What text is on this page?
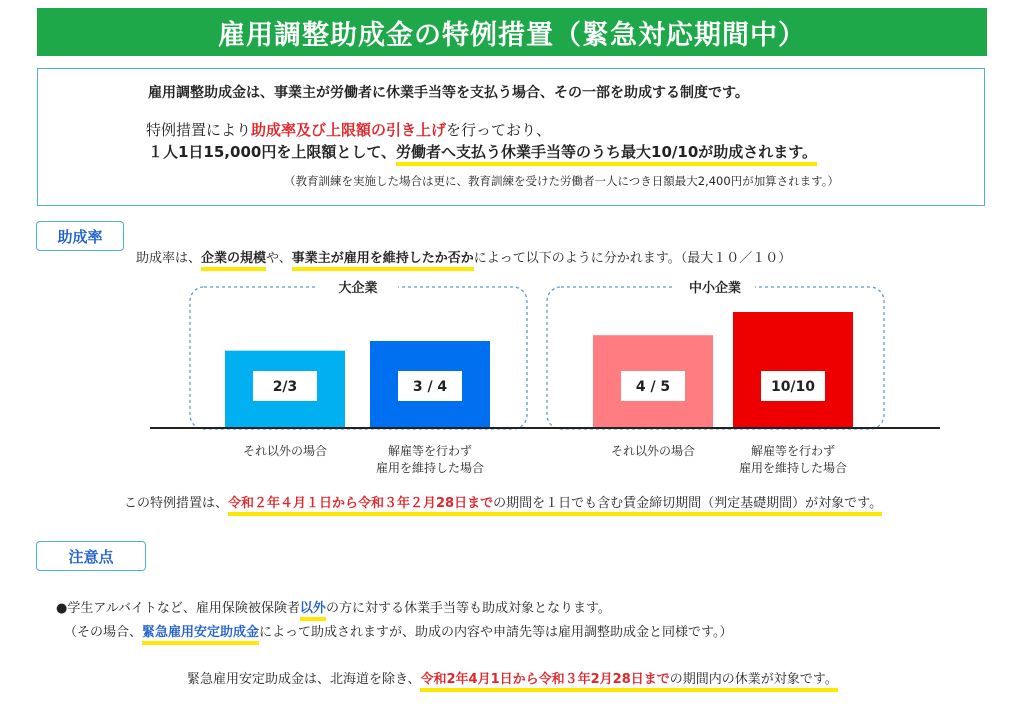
雇用調整助成金の特例措置（緊急対応期間中）
雇用調整助成金は、事業主が労働者に休業手当等を支払う場合、その一部を助成する制度です。
特例措置により助成率及び上限額の引き上げを行っており、
１人1日15,000円を上限額として、労働者へ支払う休業手当等のうち最大10/10が助成されます。
（教育訓練を実施した場合は更に、教育訓練を受けた労働者一人につき日額最大2,400円が加算されます。）
助成率
助成率は、企業の規模や、事業主が雇用を維持したか否かによって以下のように分かれます。（最大１０／１０）
大企業
2/3
それ以外の場合
3 / 4
解雇等を行わず
雇用を維持した場合
中小企業
4 / 5
それ以外の場合
10/10
解雇等を行わず
雇用を維持した場合
この特例措置は、令和２年４月１日から令和３年２月28日までの期間を１日でも含む賃金締切期間（判定基礎期間）が対象です。
注意点
●学生アルバイトなど、雇用保険被保険者以外の方に対する休業手当等も助成対象となります。
（その場合、緊急雇用安定助成金によって助成されますが、助成の内容や申請先等は雇用調整助成金と同様です。）
緊急雇用安定助成金は、北海道を除き、令和2年4月1日から令和３年2月28日までの期間内の休業が対象です。
